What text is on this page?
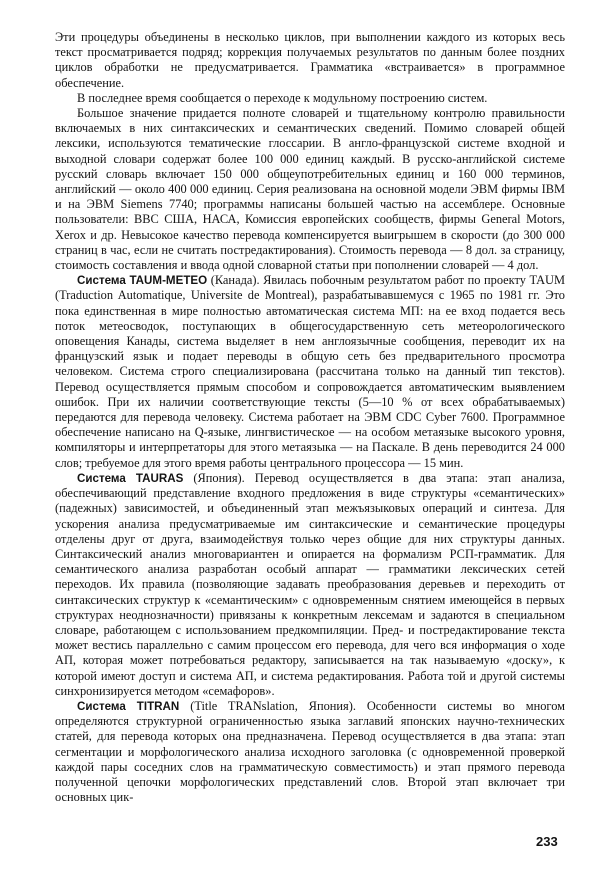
Эти процедуры объединены в несколько циклов, при выполнении каждого из которых весь текст просматривается подряд; коррекция получаемых результатов по данным более поздних циклов обработки не предусматривается. Грамматика «встраивается» в программное обеспечение.

В последнее время сообщается о переходе к модульному построению систем.

Большое значение придается полноте словарей и тщательному контролю правильности включаемых в них синтаксических и семантических сведений. Помимо словарей общей лексики, используются тематические глоссарии. В англо-французской системе входной и выходной словари содержат более 100 000 единиц каждый. В русско-английской системе русский словарь включает 150 000 общеупотребительных единиц и 160 000 терминов, английский — около 400 000 единиц. Серия реализована на основной модели ЭВМ фирмы IBM и на ЭВМ Siemens 7740; программы написаны большей частью на ассемблере. Основные пользователи: ВВС США, НАСА, Комиссия европейских сообществ, фирмы General Motors, Xerox и др. Невысокое качество перевода компенсируется выигрышем в скорости (до 300 000 страниц в час, если не считать постредактирования). Стоимость перевода — 8 дол. за страницу, стоимость составления и ввода одной словарной статьи при пополнении словарей — 4 дол.

Система TAUM-METEO (Канада). Явилась побочным результатом работ по проекту TAUM (Traduction Automatique, Universite de Montreal), разрабатывавшемуся с 1965 по 1981 гг. Это пока единственная в мире полностью автоматическая система МП: на ее вход подается весь поток метеосводок, поступающих в общегосударственную сеть метеорологического оповещения Канады, система выделяет в нем англоязычные сообщения, переводит их на французский язык и подает переводы в общую сеть без предварительного просмотра человеком. Система строго специализирована (рассчитана только на данный тип текстов). Перевод осуществляется прямым способом и сопровождается автоматическим выявлением ошибок. При их наличии соответствующие тексты (5—10 % от всех обрабатываемых) передаются для перевода человеку. Система работает на ЭВМ CDC Cyber 7600. Программное обеспечение написано на Q-языке, лингвистическое — на особом метаязыке высокого уровня, компиляторы и интерпретаторы для этого метаязыка — на Паскале. В день переводится 24 000 слов; требуемое для этого время работы центрального процессора — 15 мин.

Система TAURAS (Япония). Перевод осуществляется в два этапа: этап анализа, обеспечивающий представление входного предложения в виде структуры «семантических» (падежных) зависимостей, и объединенный этап межъязыковых операций и синтеза. Для ускорения анализа предусматриваемые им синтаксические и семантические процедуры отделены друг от друга, взаимодействуя только через общие для них структуры данных. Синтаксический анализ многовариантен и опирается на формализм РСП-грамматик. Для семантического анализа разработан особый аппарат — грамматики лексических сетей переходов. Их правила (позволяющие задавать преобразования деревьев и переходить от синтаксических структур к «семантическим» с одновременным снятием имеющейся в первых структурах неоднозначности) привязаны к конкретным лексемам и задаются в специальном словаре, работающем с использованием предкомпиляции. Пред- и постредактирование текста может вестись параллельно с самим процессом его перевода, для чего вся информация о ходе АП, которая может потребоваться редактору, записывается на так называемую «доску», к которой имеют доступ и система АП, и система редактирования. Работа той и другой системы синхронизируется методом «семафоров».

Система TITRAN (Title TRANslation, Япония). Особенности системы во многом определяются структурной ограниченностью языка заглавий японских научно-технических статей, для перевода которых она предназначена. Перевод осуществляется в два этапа: этап сегментации и морфологического анализа исходного заголовка (с одновременной проверкой каждой пары соседних слов на грамматическую совместимость) и этап прямого перевода полученной цепочки морфологических представлений слов. Второй этап включает три основных цик-

233
